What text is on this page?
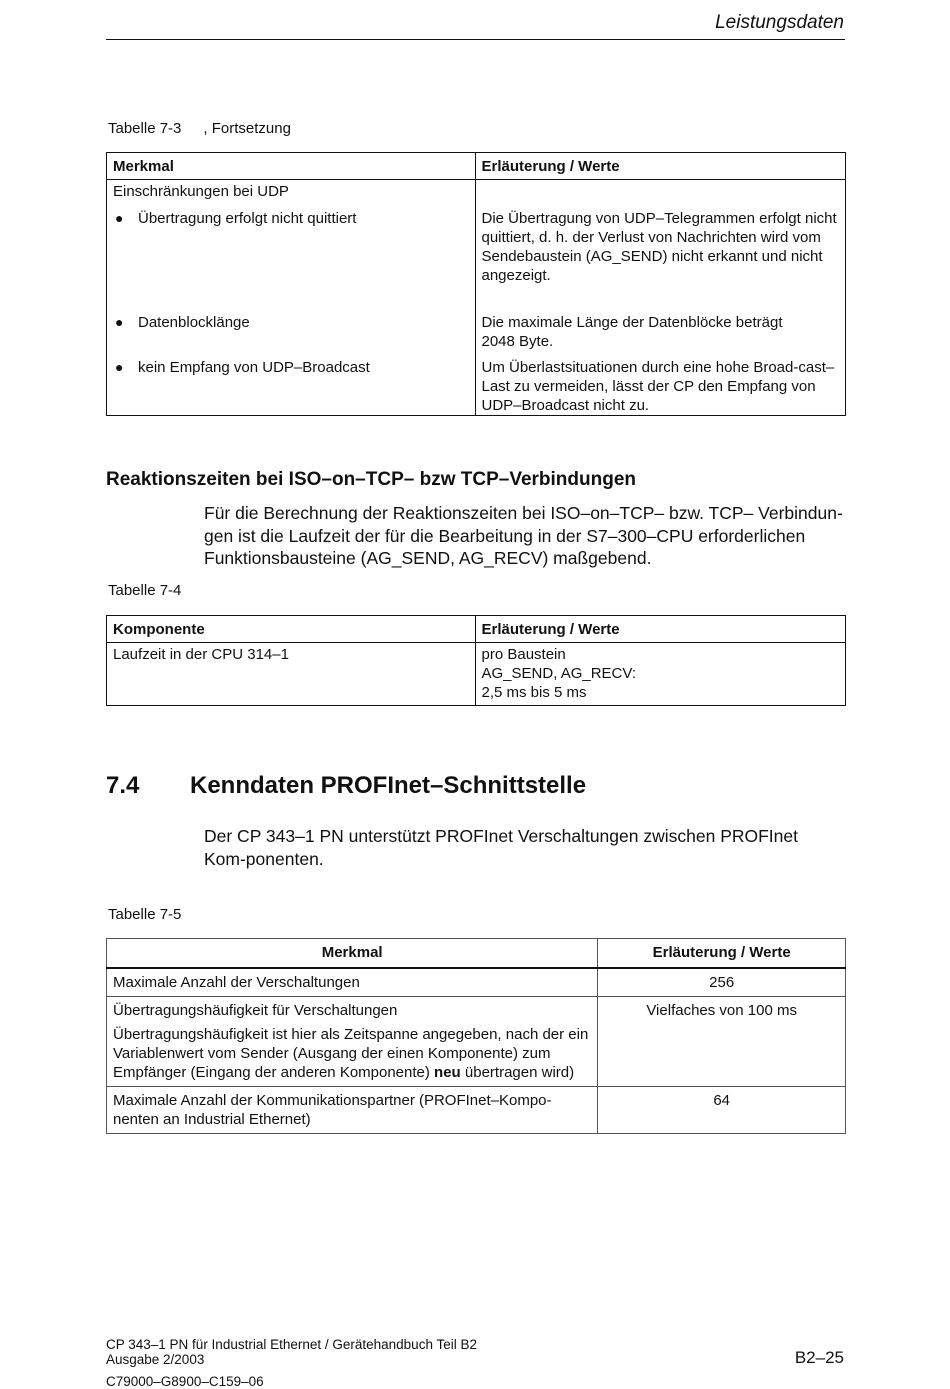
Leistungsdaten
Tabelle 7-3 , Fortsetzung
Merkmal	Erläuterung / Werte
Einschränkungen bei UDP	

● Übertragung erfolgt nicht quittiert	Die Übertragung von UDP–Telegrammen erfolgt nicht quittiert, d. h. der Verlust von Nachrichten wird vom Sendebaustein (AG_SEND) nicht erkannt und nicht angezeigt.

● Datenblocklänge	Die maximale Länge der Datenblöcke beträgt 2048 Byte.

● kein Empfang von UDP–Broadcast	Um Überlastsituationen durch eine hohe Broad-cast–Last zu vermeiden, lässt der CP den Empfang von UDP–Broadcast nicht zu.
Reaktionszeiten bei ISO–on–TCP– bzw TCP–Verbindungen
Für die Berechnung der Reaktionszeiten bei ISO–on–TCP– bzw. TCP– Verbindun-gen ist die Laufzeit der für die Bearbeitung in der S7–300–CPU erforderlichen Funktionsbausteine (AG_SEND, AG_RECV) maßgebend.
Tabelle 7-4
Komponente	Erläuterung / Werte
Laufzeit in der CPU 314–1	pro Baustein
AG_SEND, AG_RECV:
2,5 ms bis 5 ms
7.4 Kenndaten PROFInet–Schnittstelle
Der CP 343–1 PN unterstützt PROFInet Verschaltungen zwischen PROFInet Kom-ponenten.
Tabelle 7-5
Merkmal	Erläuterung / Werte
Maximale Anzahl der Verschaltungen	256

Übertragungshäufigkeit für Verschaltungen
Übertragungshäufigkeit ist hier als Zeitspanne angegeben, nach der ein Variablenwert vom Sender (Ausgang der einen Komponente) zum Empfänger (Eingang der anderen Komponente) neu übertragen wird)	Vielfaches von 100 ms
Maximale Anzahl der Kommunikationspartner (PROFInet–Kompo-nenten an Industrial Ethernet)	64
CP 343–1 PN für Industrial Ethernet / Gerätehandbuch Teil B2
Ausgabe 2/2003
C79000–G8900–C159–06
B2–25
